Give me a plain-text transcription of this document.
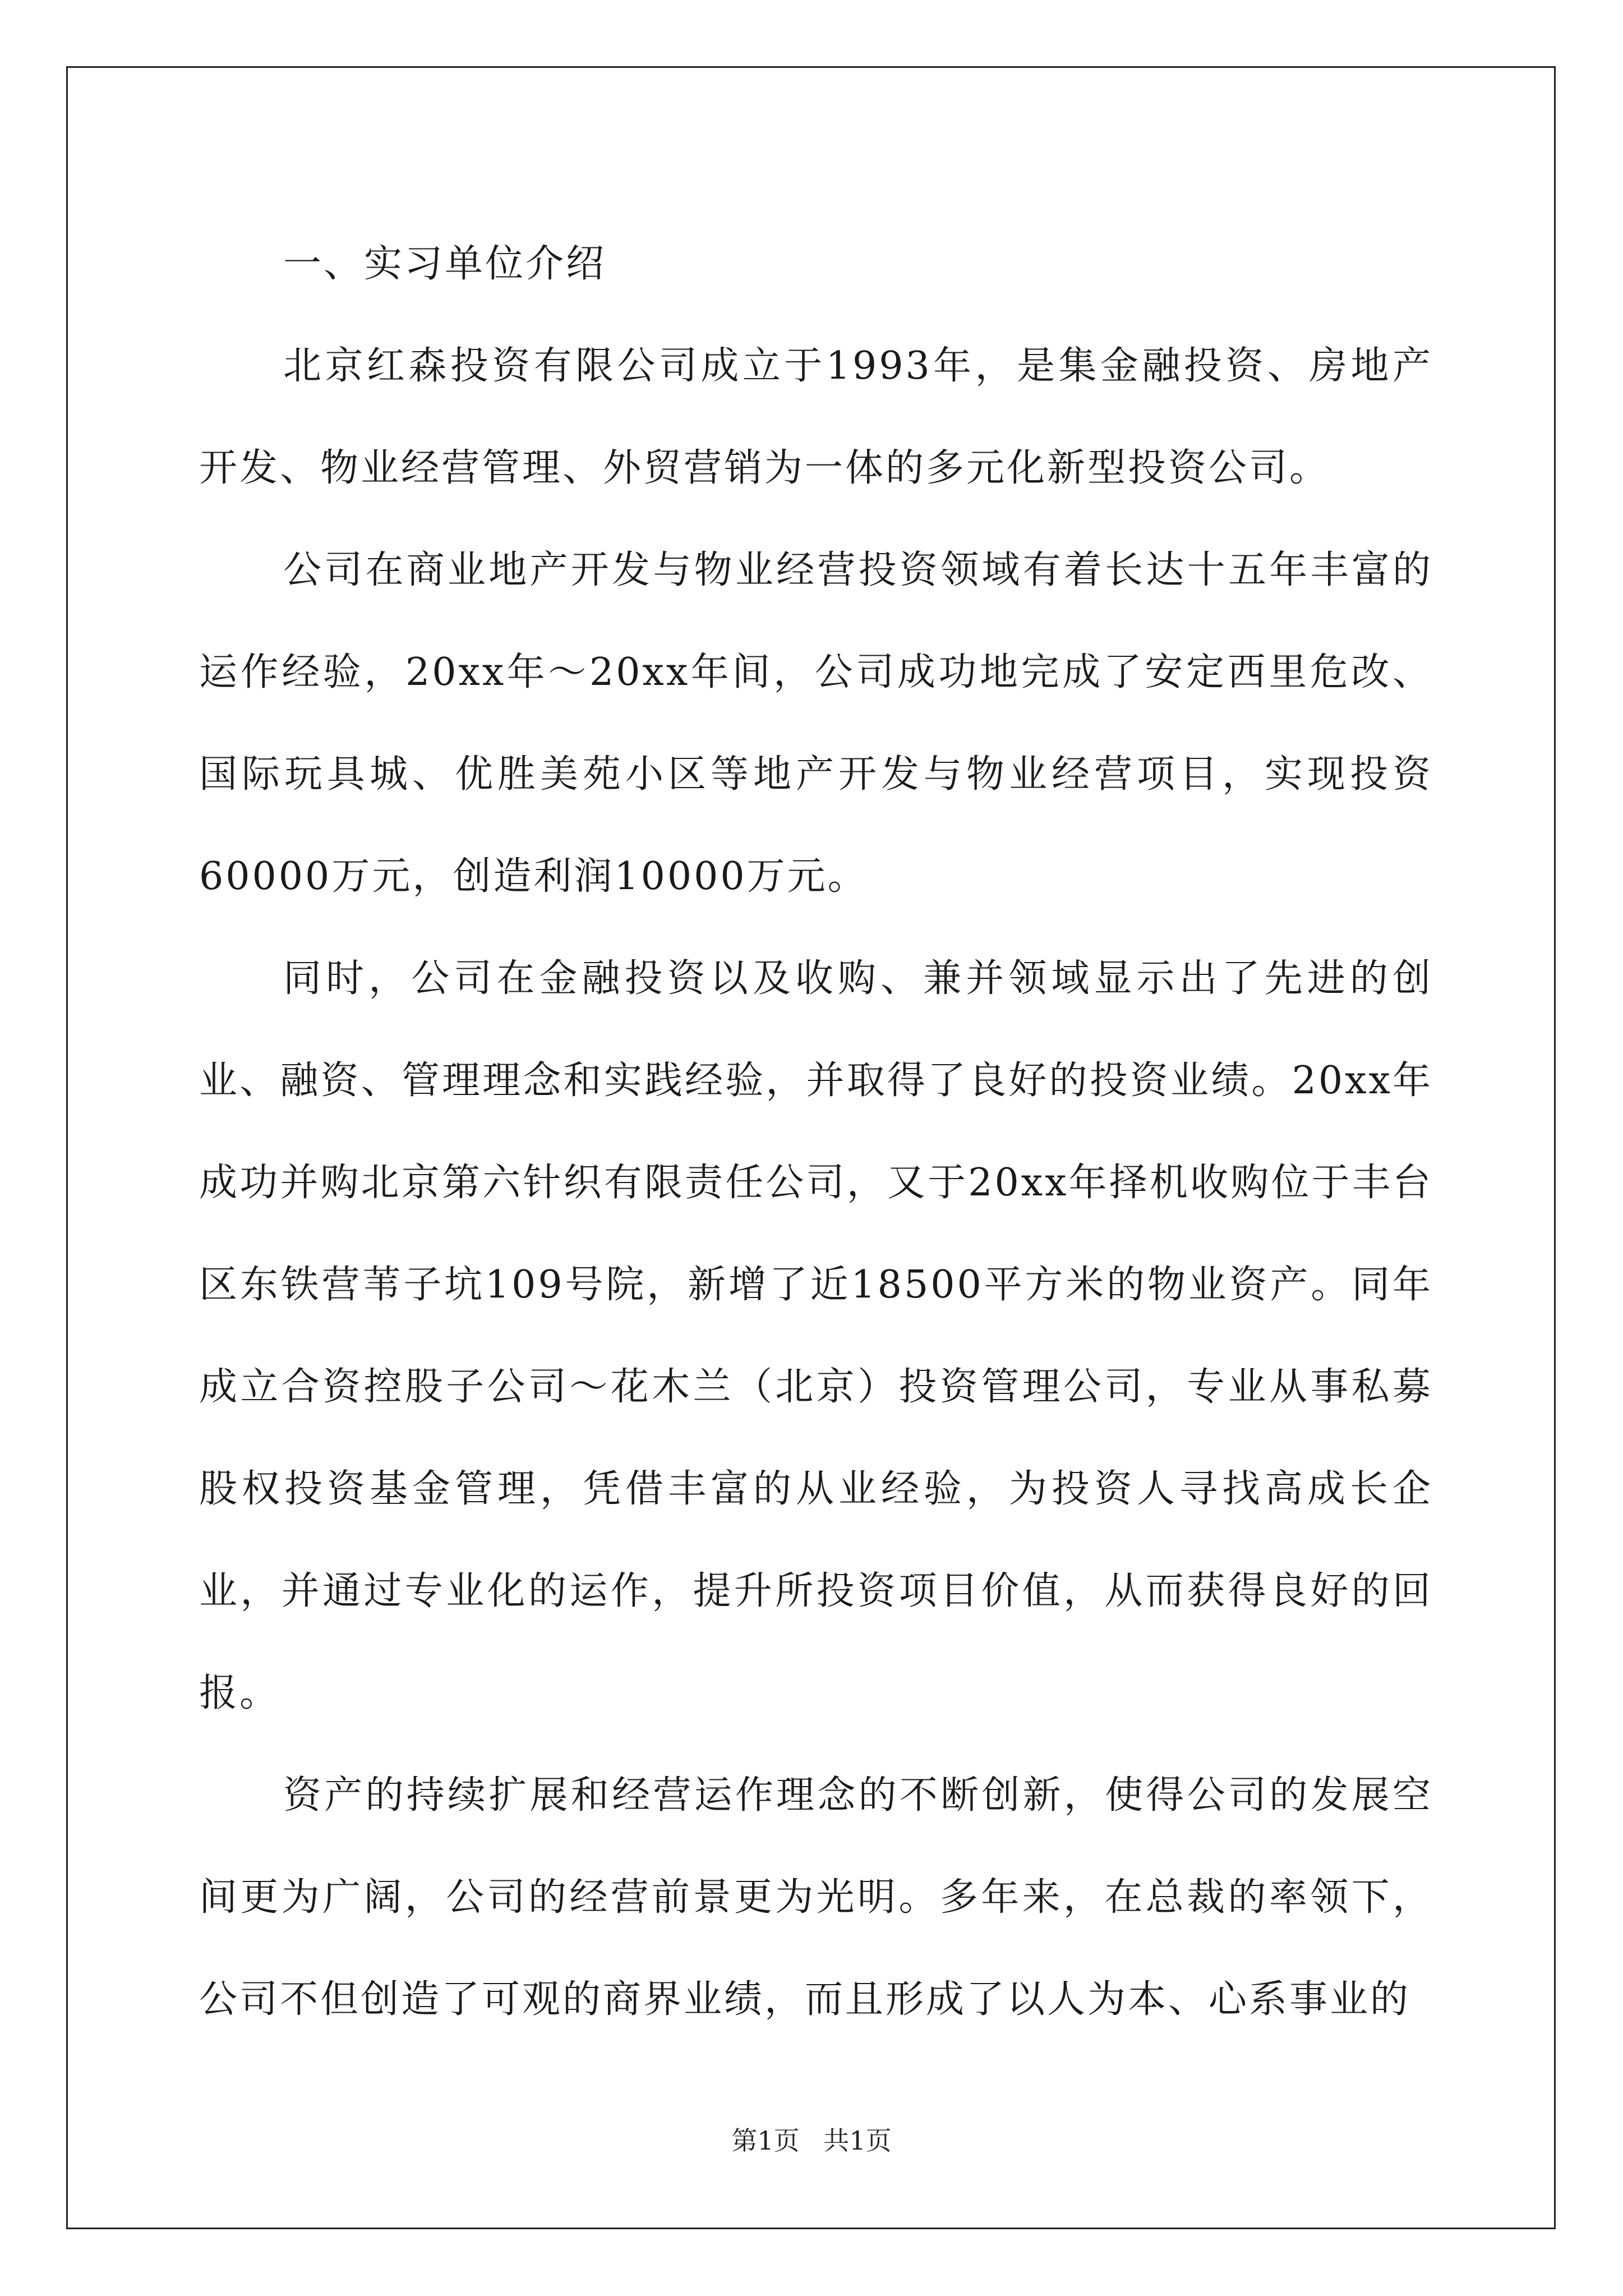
一、实习单位介绍

北京红森投资有限公司成立于1993年，是集金融投资、房地产开发、物业经营管理、外贸营销为一体的多元化新型投资公司。

公司在商业地产开发与物业经营投资领域有着长达十五年丰富的运作经验，20xx年～20xx年间，公司成功地完成了安定西里危改、国际玩具城、优胜美苑小区等地产开发与物业经营项目，实现投资60000万元，创造利润10000万元。

同时，公司在金融投资以及收购、兼并领域显示出了先进的创业、融资、管理理念和实践经验，并取得了良好的投资业绩。20xx年成功并购北京第六针织有限责任公司，又于20xx年择机收购位于丰台区东铁营苇子坑109号院，新增了近18500平方米的物业资产。同年成立合资控股子公司～花木兰（北京）投资管理公司，专业从事私募股权投资基金管理，凭借丰富的从业经验，为投资人寻找高成长企业，并通过专业化的运作，提升所投资项目价值，从而获得良好的回报。

资产的持续扩展和经营运作理念的不断创新，使得公司的发展空间更为广阔，公司的经营前景更为光明。多年来，在总裁的率领下，公司不但创造了可观的商界业绩，而且形成了以人为本、心系事业的

第1页 共1页
